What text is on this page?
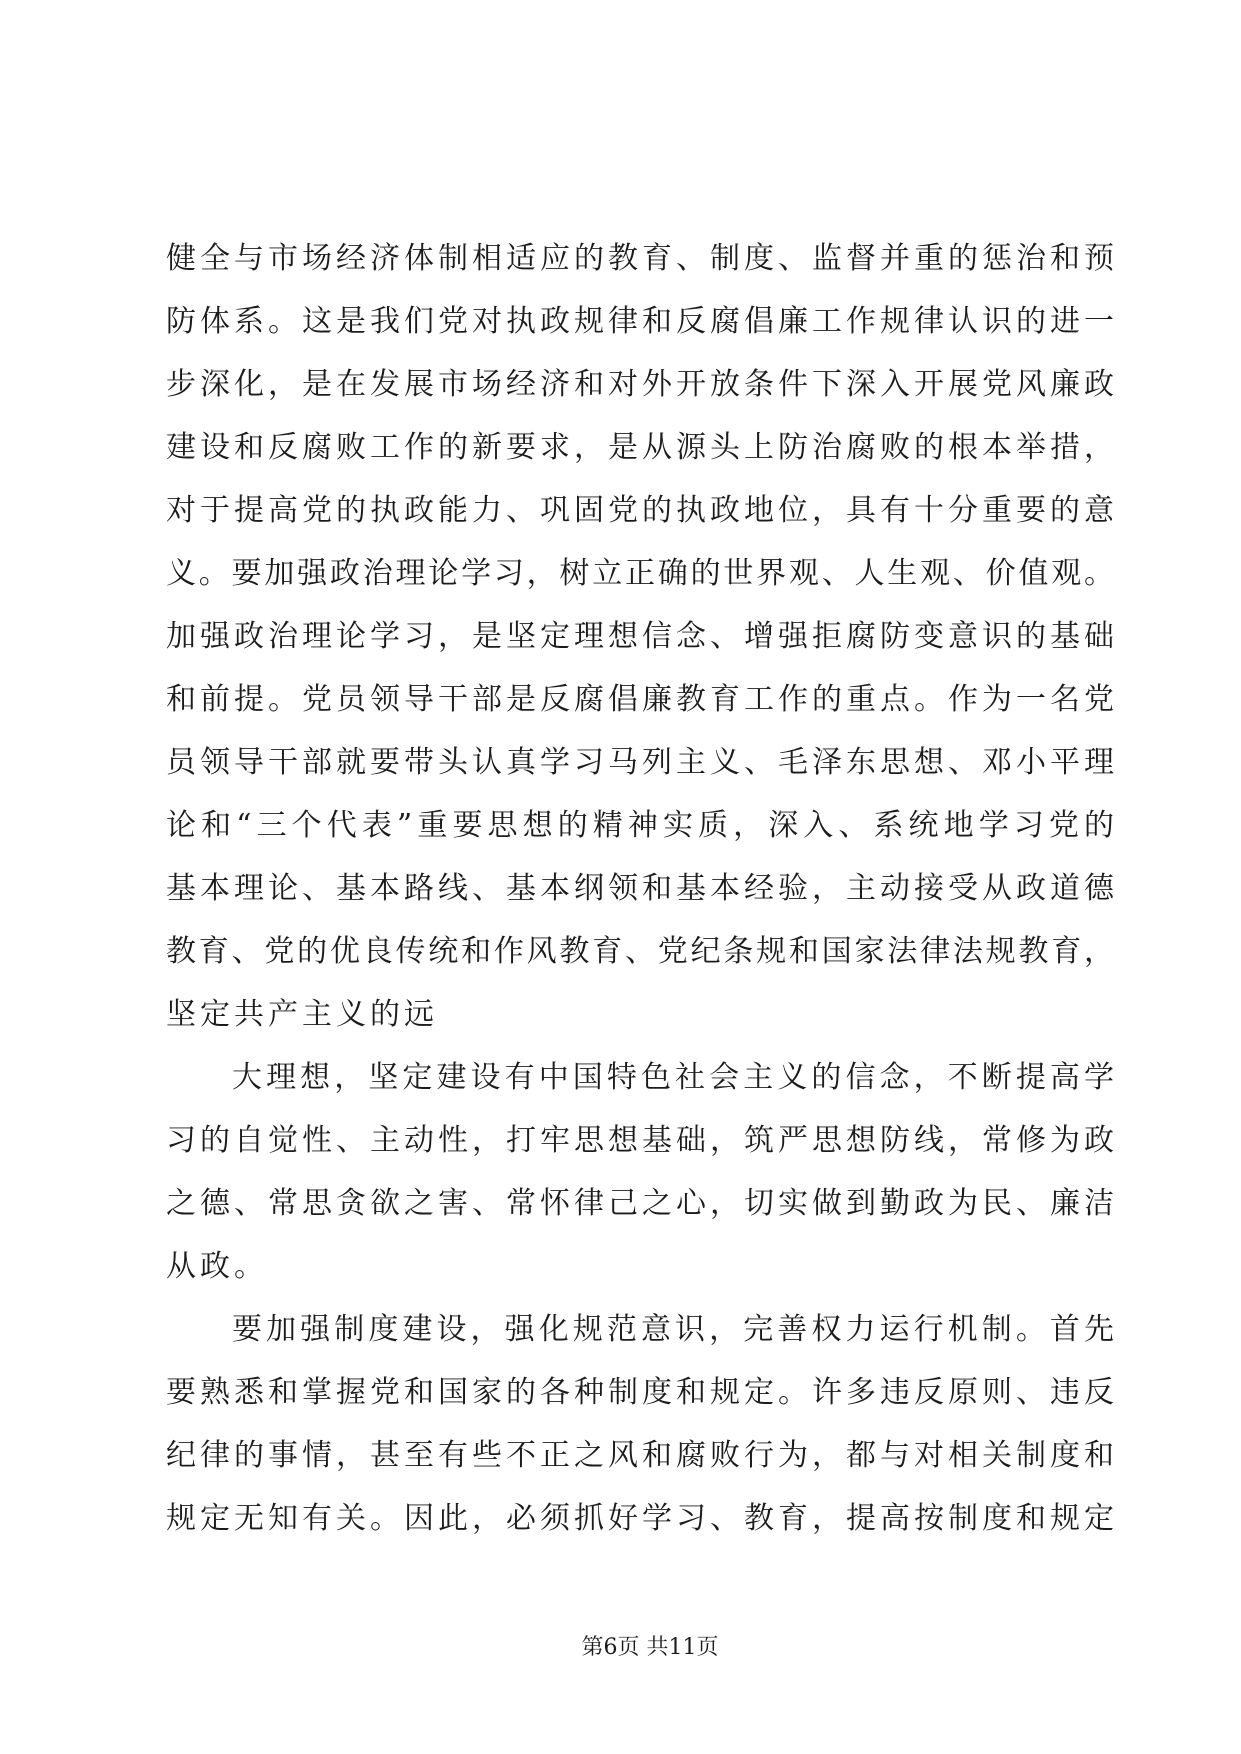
健全与市场经济体制相适应的教育、制度、监督并重的惩治和预
防体系。这是我们党对执政规律和反腐倡廉工作规律认识的进一
步深化，是在发展市场经济和对外开放条件下深入开展党风廉政
建设和反腐败工作的新要求，是从源头上防治腐败的根本举措，
对于提高党的执政能力、巩固党的执政地位，具有十分重要的意
义。要加强政治理论学习，树立正确的世界观、人生观、价值观。
加强政治理论学习，是坚定理想信念、增强拒腐防变意识的基础
和前提。党员领导干部是反腐倡廉教育工作的重点。作为一名党
员领导干部就要带头认真学习马列主义、毛泽东思想、邓小平理
论和“三个代表”重要思想的精神实质，深入、系统地学习党的
基本理论、基本路线、基本纲领和基本经验，主动接受从政道德
教育、党的优良传统和作风教育、党纪条规和国家法律法规教育，
坚定共产主义的远
大理想，坚定建设有中国特色社会主义的信念，不断提高学
习的自觉性、主动性，打牢思想基础，筑严思想防线，常修为政
之德、常思贪欲之害、常怀律己之心，切实做到勤政为民、廉洁
从政。
要加强制度建设，强化规范意识，完善权力运行机制。首先
要熟悉和掌握党和国家的各种制度和规定。许多违反原则、违反
纪律的事情，甚至有些不正之风和腐败行为，都与对相关制度和
规定无知有关。因此，必须抓好学习、教育，提高按制度和规定
第6页 共11页
